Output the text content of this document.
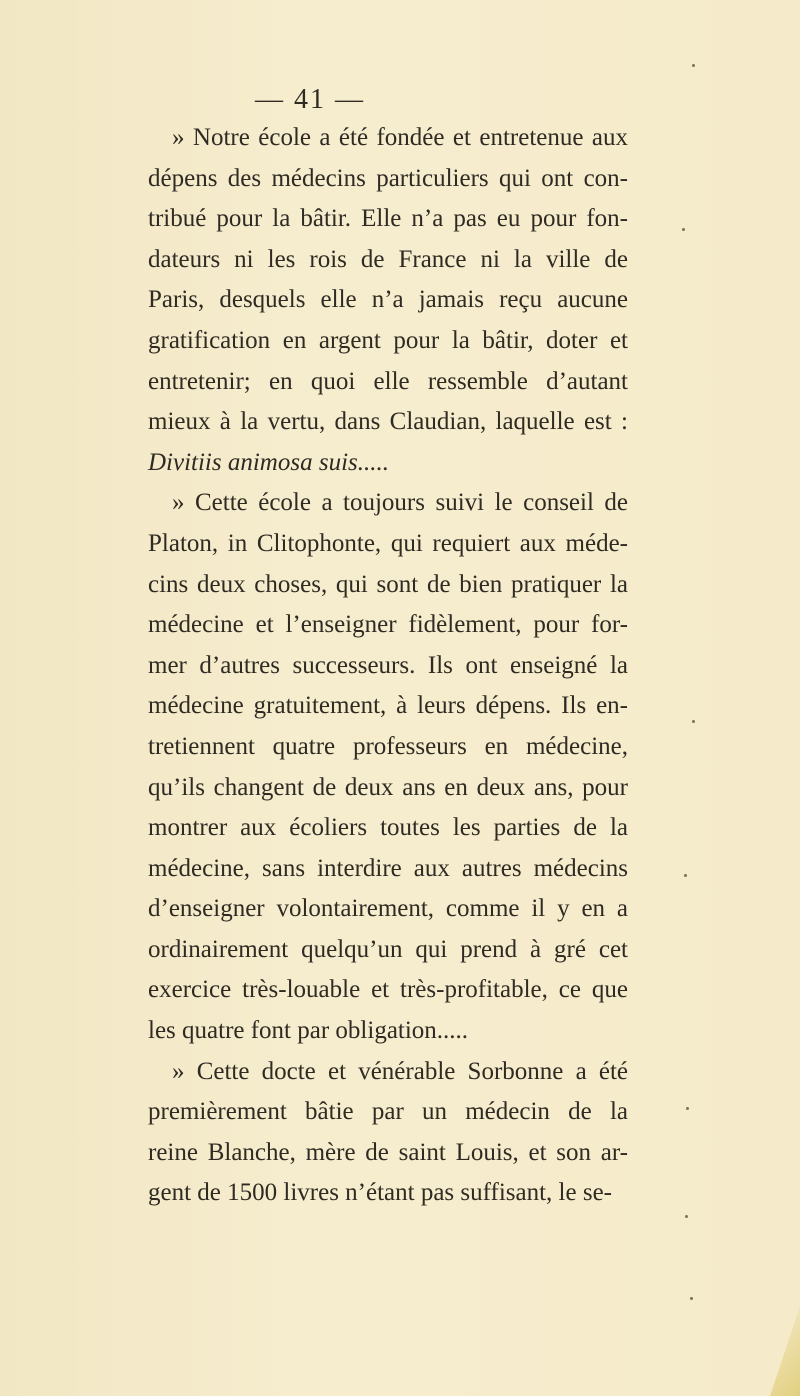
— 41 —
» Notre école a été fondée et entretenue aux
dépens des médecins particuliers qui ont con-
tribué pour la bâtir. Elle n’a pas eu pour fon-
dateurs ni les rois de France ni la ville de
Paris, desquels elle n’a jamais reçu aucune
gratification en argent pour la bâtir, doter et
entretenir; en quoi elle ressemble d’autant
mieux à la vertu, dans Claudian, laquelle est :
Divitiis animosa suis.....
» Cette école a toujours suivi le conseil de
Platon, in Clitophonte, qui requiert aux méde-
cins deux choses, qui sont de bien pratiquer la
médecine et l’enseigner fidèlement, pour for-
mer d’autres successeurs. Ils ont enseigné la
médecine gratuitement, à leurs dépens. Ils en-
tretiennent quatre professeurs en médecine,
qu’ils changent de deux ans en deux ans, pour
montrer aux écoliers toutes les parties de la
médecine, sans interdire aux autres médecins
d’enseigner volontairement, comme il y en a
ordinairement quelqu’un qui prend à gré cet
exercice très-louable et très-profitable, ce que
les quatre font par obligation.....
» Cette docte et vénérable Sorbonne a été
premièrement bâtie par un médecin de la
reine Blanche, mère de saint Louis, et son ar-
gent de 1500 livres n’étant pas suffisant, le se-
